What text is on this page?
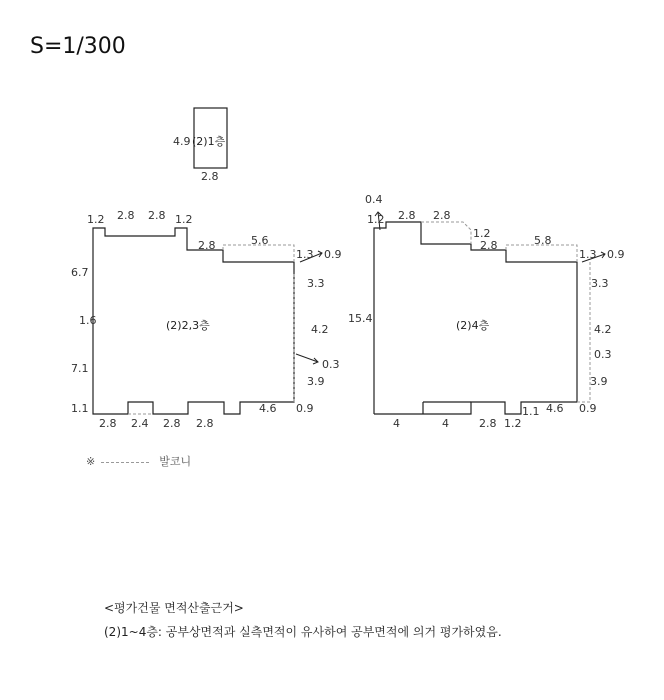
S=1/300
(2)1층
4.9
2.8
(2)2,3층
1.2 2.8 2.8 1.2
2.8	5.6
1.3 0.9
6.7
1.6
7.1
1.1
3.3
4.2
0.3
3.9
0.9
2.8 2.4 2.8 2.8
4.6
(2)4층
0.4
1.2 2.8 2.8
1.2
2.8	5.8
1.3 0.9
15.4
3.3
4.2
0.3
3.9
0.9
4	4	2.8 1.2
1.1 4.6
※	발코니
<평가건물 면적산출근거>
(2)1~4층: 공부상면적과 실측면적이 유사하여 공부면적에 의거 평가하였음.
